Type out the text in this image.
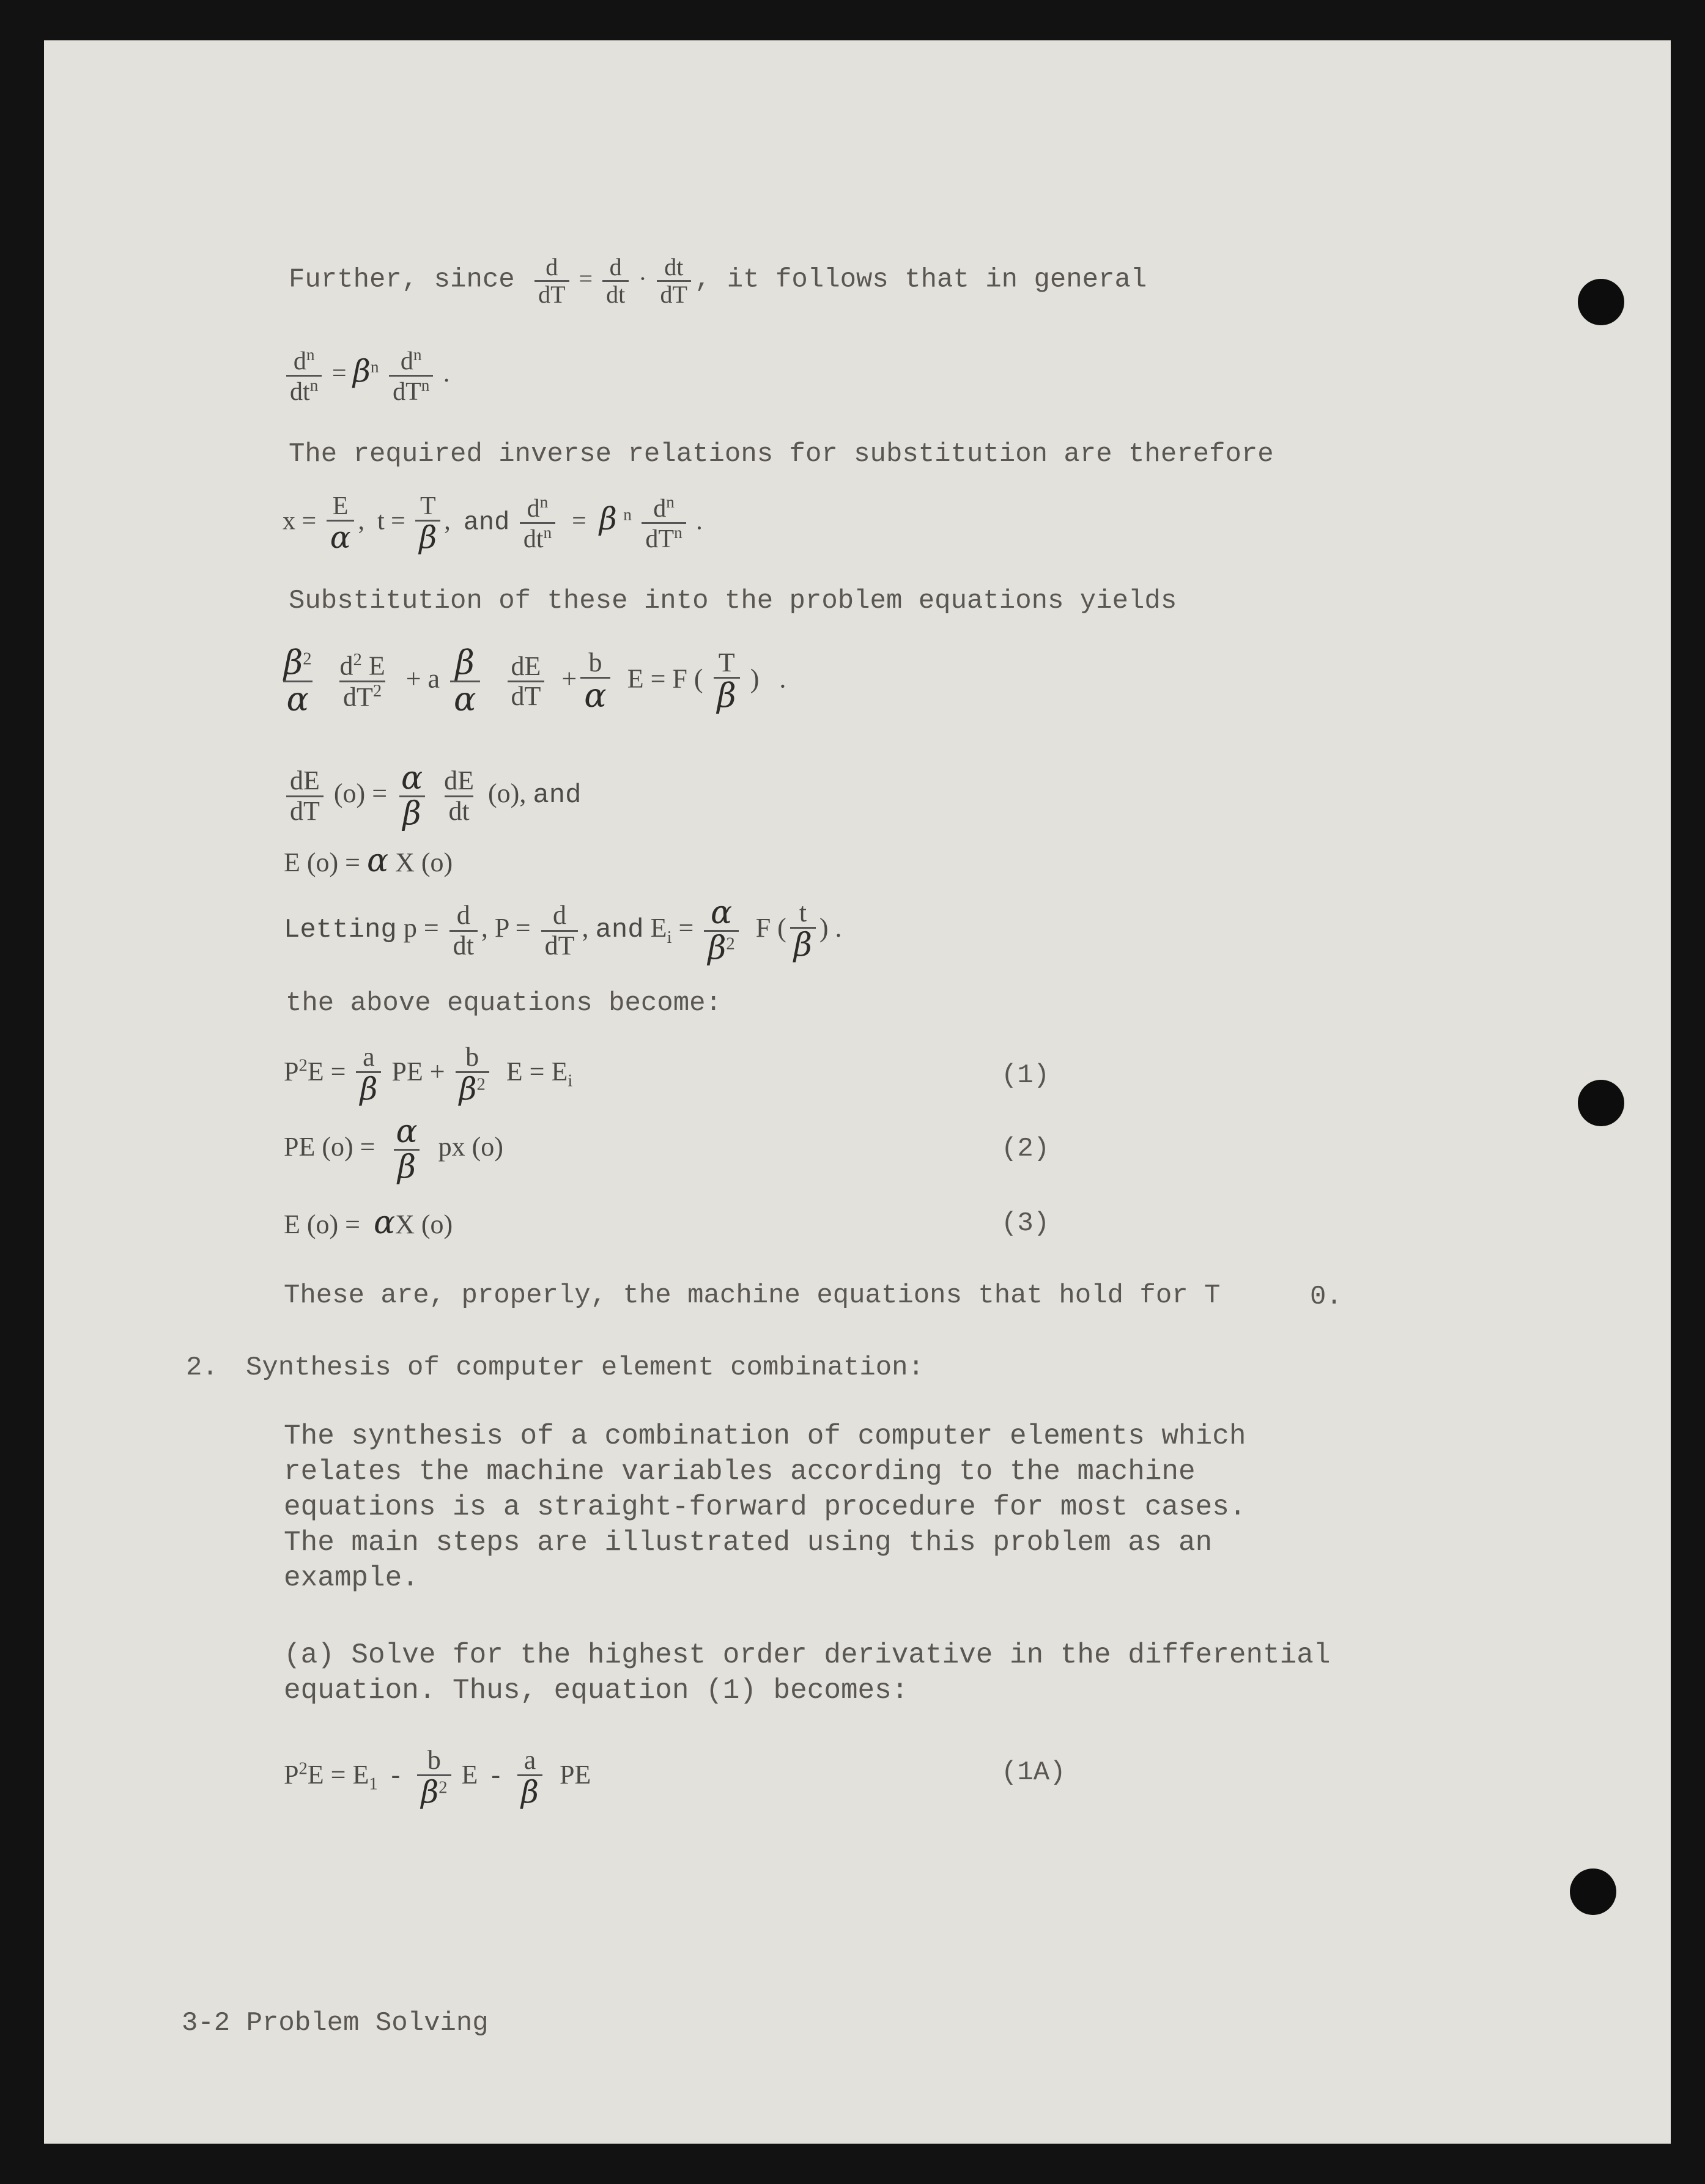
Further, since $\frac{d}{dT} = \frac{d}{dt} \cdot \frac{dt}{dT}$ , it follows that in general
$\frac{d^n}{dt^n} = \beta^n \frac{d^n}{dT^n}$ .
The required inverse relations for substitution are therefore
$x = \frac{E}{\alpha}$ ,  $t = \frac{T}{\beta}$ ,  and $\frac{d^n}{dt^n} = \beta$ $^n \frac{d^n}{dT^n}$ .
Substitution of these into the problem equations yields
$\frac{\beta^2}{\alpha}$
$\frac{d^2 E}{dT^2} + a \frac{\beta}{\alpha}$
$\frac{dE}{dT} + \frac{b}{\alpha}$ E = F ( $\frac{T}{\beta}$ )   .
$\frac{dE}{dT} (o) = \frac{\alpha}{\beta}$
$\frac{dE}{dt} (o)$, and
E (o) = α X (o)
Letting $p = \frac{d}{dt}$ , $P = \frac{d}{dT}$ , and $E_i = \frac{\alpha}{\beta^2}$ F ( $\frac{t}{\beta}$ ) .
the above equations become:
$P^2E = \frac{a}{\beta}$ PE + $\frac{b}{\beta^2}$ $E = E_i$	(1)
PE $(o) = \frac{\alpha}{\beta}$ px (o)	(2)
E (o) =  αX (o)	(3)
These are, properly, the machine equations that hold for T	0.
2. Synthesis of computer element combination:
The synthesis of a combination of computer elements which
relates the machine variables according to the machine
equations is a straight-forward procedure for most cases.
The main steps are illustrated using this problem as an
example.
(a) Solve for the highest order derivative in the differential
equation. Thus, equation (1) becomes:
$P^2E = E_1 - \frac{b}{\beta^2}$ E  - $\frac{a}{\beta}$ PE	(1A)
3-2 Problem Solving
